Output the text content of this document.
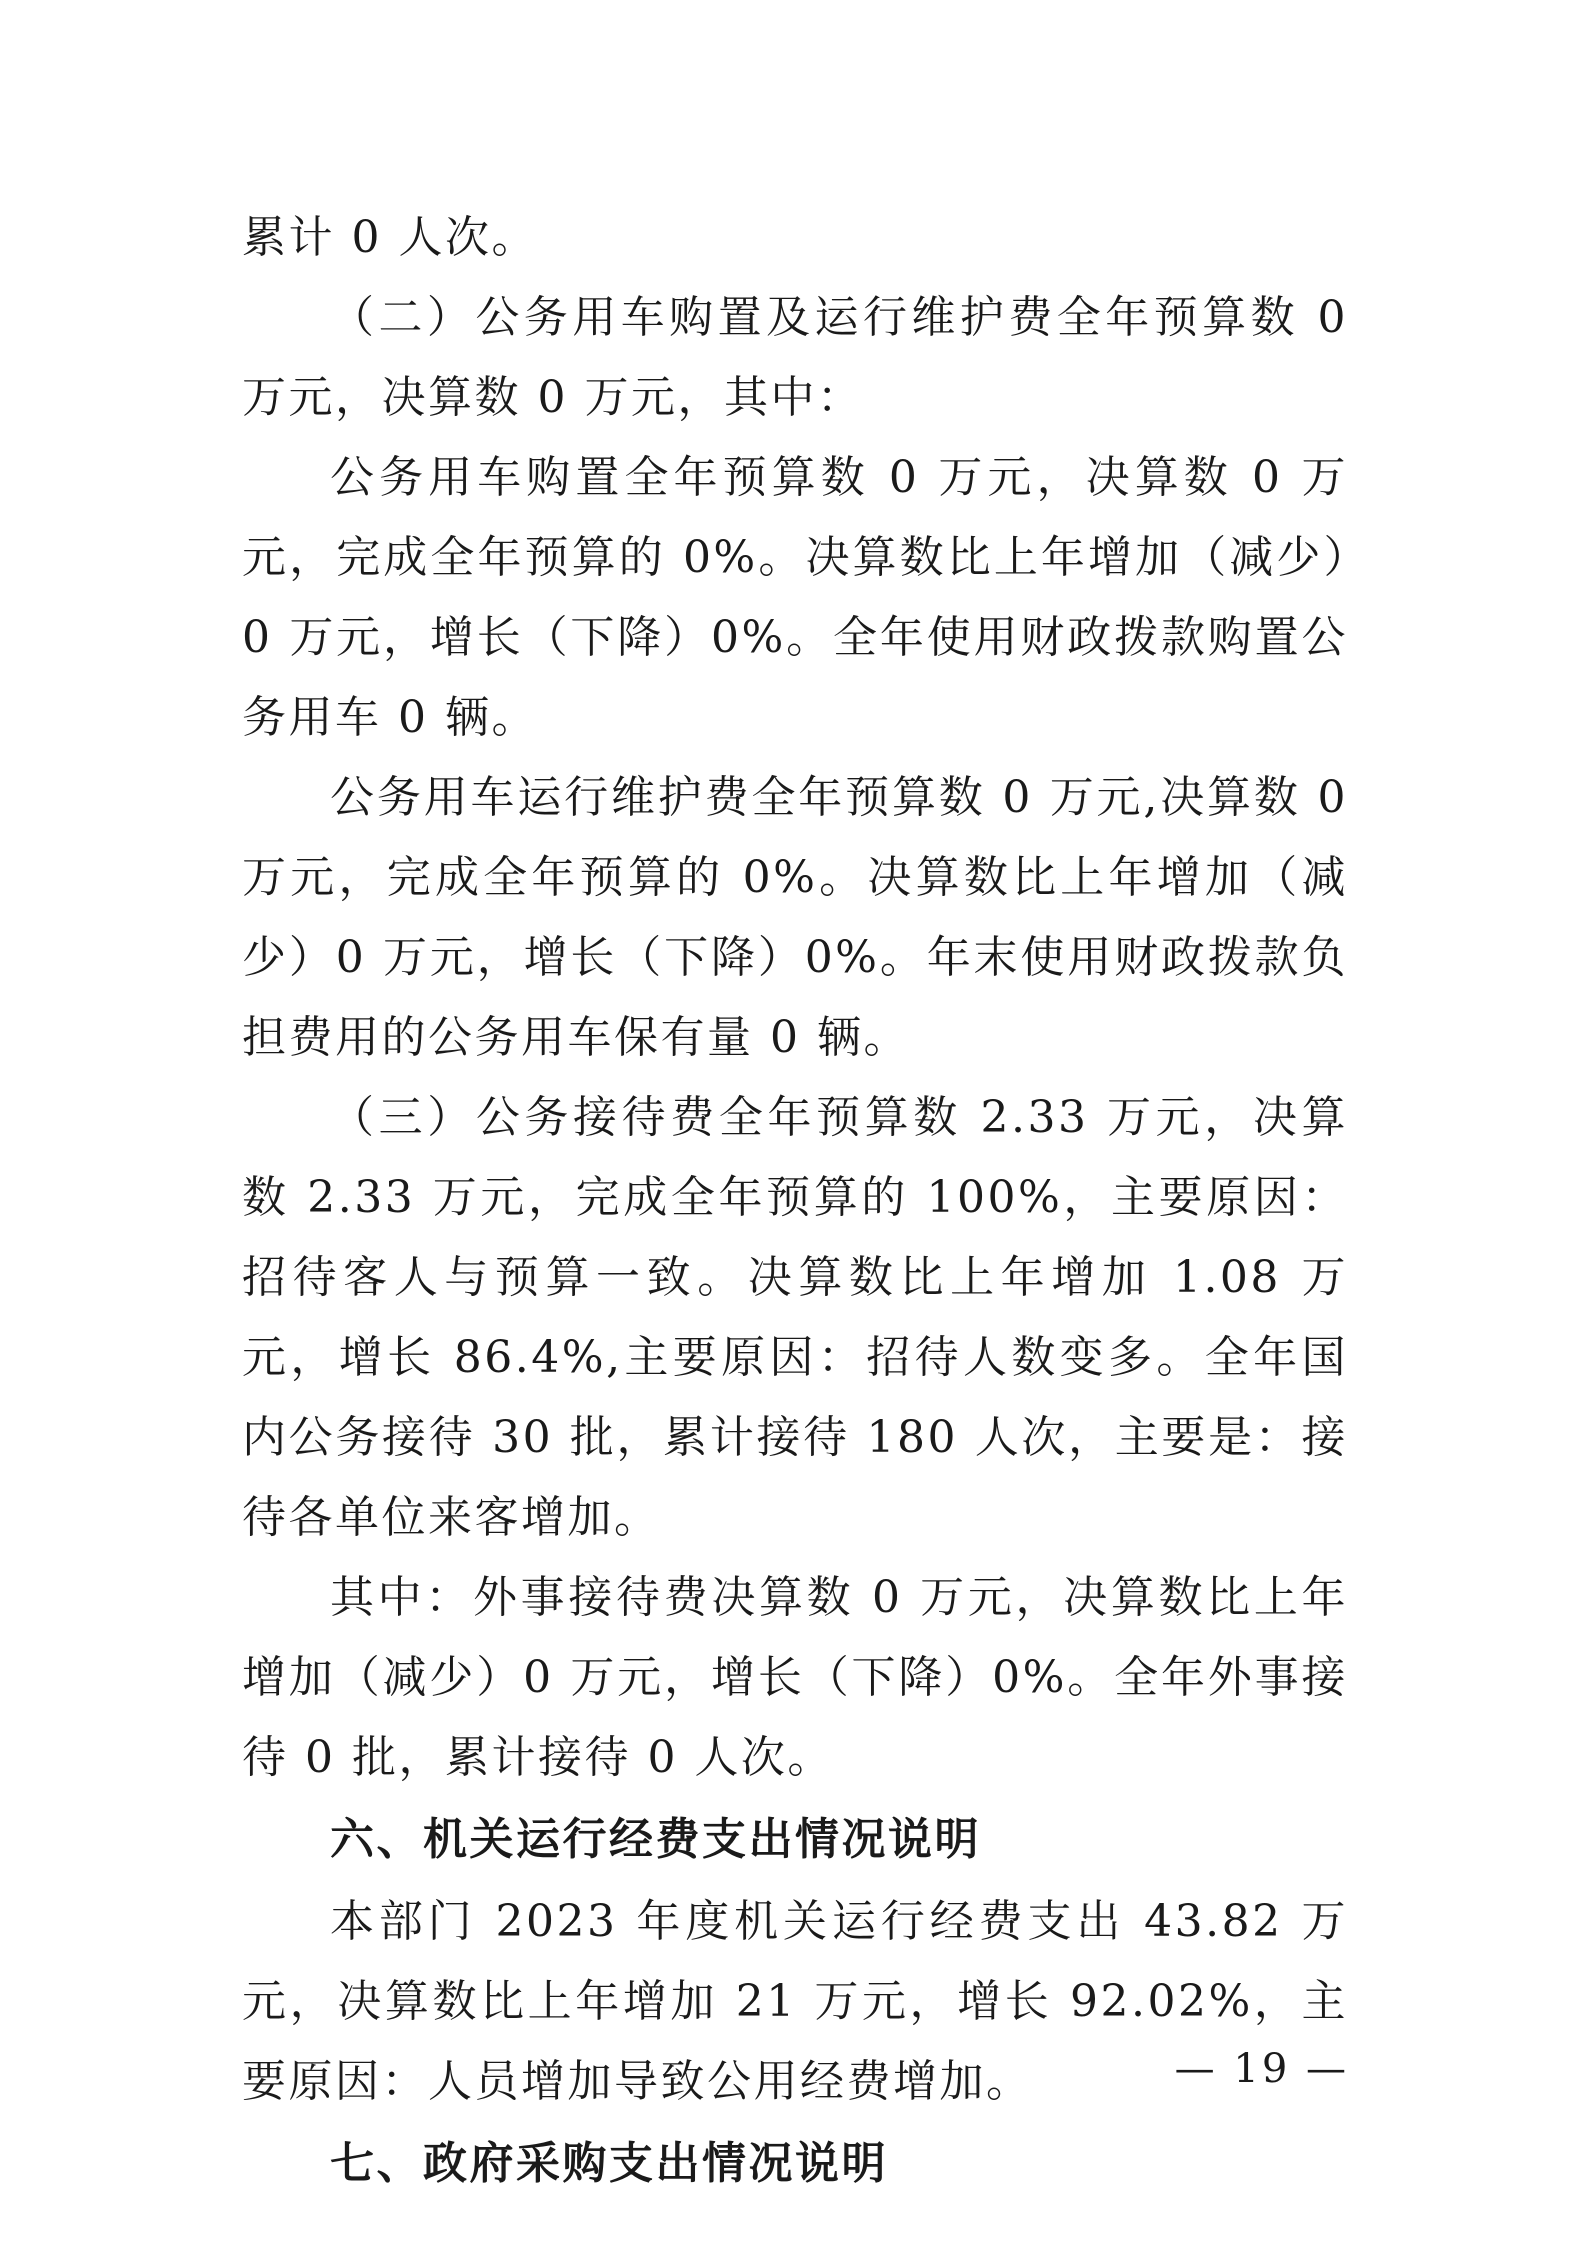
累计 0 人次。

（二）公务用车购置及运行维护费全年预算数 0 万元，决算数 0 万元，其中：

公务用车购置全年预算数 0 万元，决算数 0 万元，完成全年预算的 0%。决算数比上年增加（减少）0 万元，增长（下降）0%。全年使用财政拨款购置公务用车 0 辆。

公务用车运行维护费全年预算数 0 万元,决算数 0 万元，完成全年预算的 0%。决算数比上年增加（减少）0 万元，增长（下降）0%。年末使用财政拨款负担费用的公务用车保有量 0 辆。

（三）公务接待费全年预算数 2.33 万元，决算数 2.33 万元，完成全年预算的 100%，主要原因：招待客人与预算一致。决算数比上年增加 1.08 万元，增长 86.4%,主要原因：招待人数变多。全年国内公务接待 30 批，累计接待 180 人次，主要是：接待各单位来客增加。

其中：外事接待费决算数 0 万元，决算数比上年增加（减少）0 万元，增长（下降）0%。全年外事接待 0 批，累计接待 0 人次。

六、机关运行经费支出情况说明

本部门 2023 年度机关运行经费支出 43.82 万元，决算数比上年增加 21 万元，增长 92.02%，主要原因：人员增加导致公用经费增加。

七、政府采购支出情况说明
— 19 —
